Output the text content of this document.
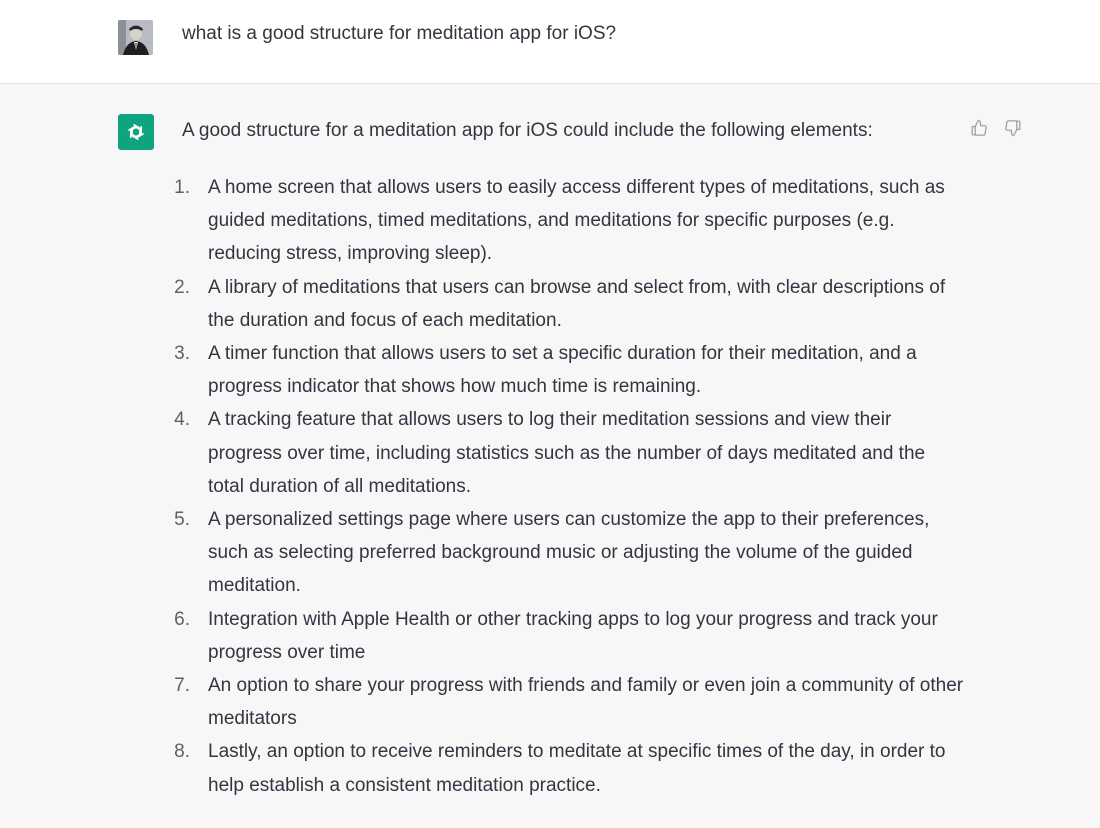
what is a good structure for meditation app for iOS?
A good structure for a meditation app for iOS could include the following elements:
1. A home screen that allows users to easily access different types of meditations, such as guided meditations, timed meditations, and meditations for specific purposes (e.g. reducing stress, improving sleep).
2. A library of meditations that users can browse and select from, with clear descriptions of the duration and focus of each meditation.
3. A timer function that allows users to set a specific duration for their meditation, and a progress indicator that shows how much time is remaining.
4. A tracking feature that allows users to log their meditation sessions and view their progress over time, including statistics such as the number of days meditated and the total duration of all meditations.
5. A personalized settings page where users can customize the app to their preferences, such as selecting preferred background music or adjusting the volume of the guided meditation.
6. Integration with Apple Health or other tracking apps to log your progress and track your progress over time
7. An option to share your progress with friends and family or even join a community of other meditators
8. Lastly, an option to receive reminders to meditate at specific times of the day, in order to help establish a consistent meditation practice.
